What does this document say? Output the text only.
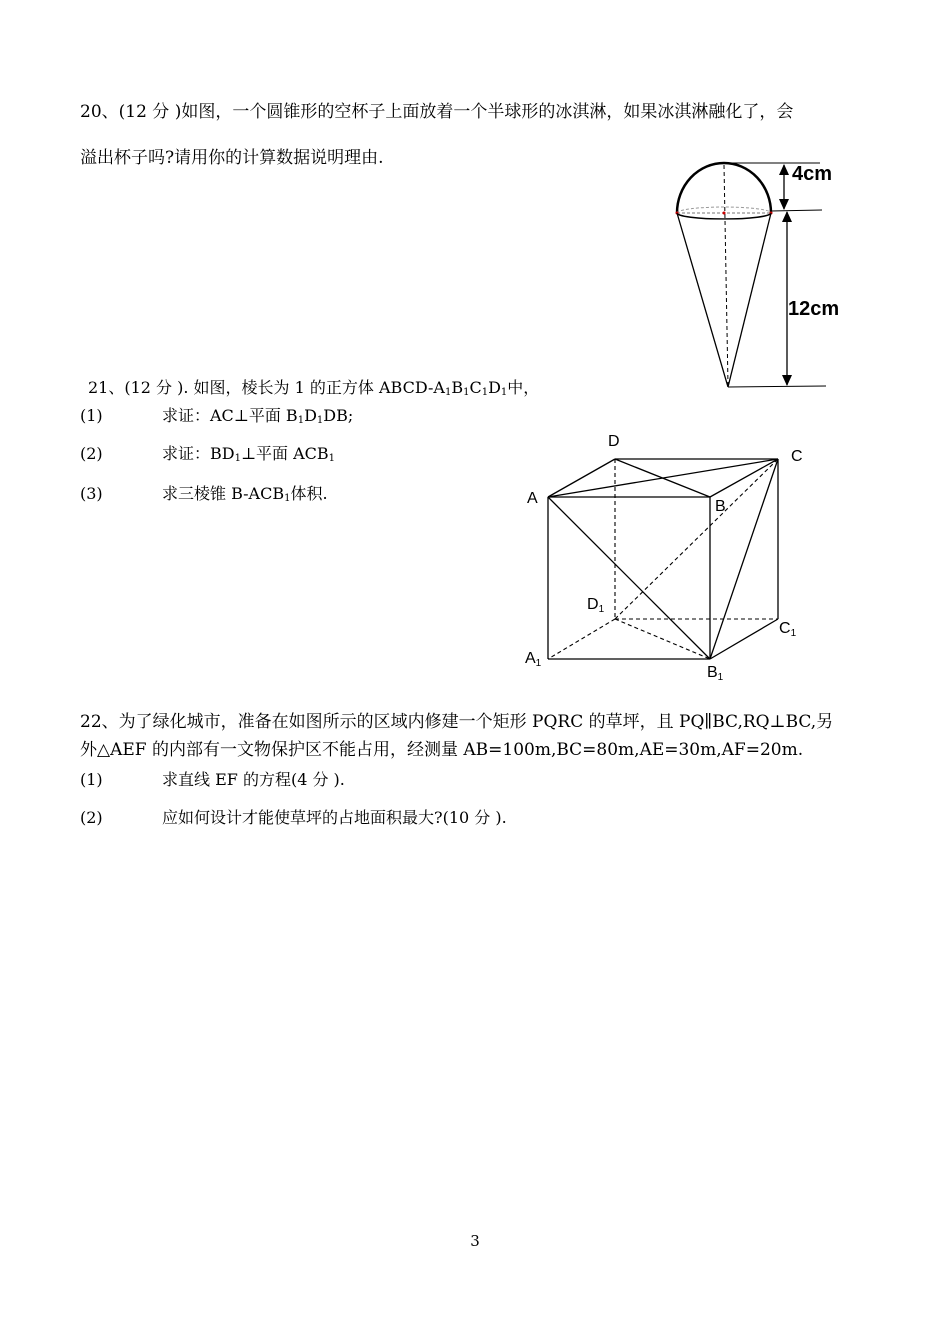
20、(12 分 )如图，一个圆锥形的空杯子上面放着一个半球形的冰淇淋，如果冰淇淋融化了，会
溢出杯子吗?请用你的计算数据说明理由.
4cm
12cm
21、(12 分 ). 如图，棱长为 1 的正方体 ABCD-$A_1B_1C_1D_1$中，
(1)	求证：AC⊥平面 $B_1D_1DB$;
(2)	求证：$BD_1\perp$平面 $ACB_1$
(3)	求三棱锥 $B-ACB_1$体积.
D
C
A	B
D1
C1
A1
B1
22、为了绿化城市，准备在如图所示的区域内修建一个矩形 PQRC 的草坪，且 PQ∥BC,RQ⊥BC,另
外△AEF 的内部有一文物保护区不能占用，经测量 AB=100m,BC=80m,AE=30m,AF=20m.
(1)	求直线 EF 的方程(4 分 ).
(2)	应如何设计才能使草坪的占地面积最大?(10 分 ).
3
